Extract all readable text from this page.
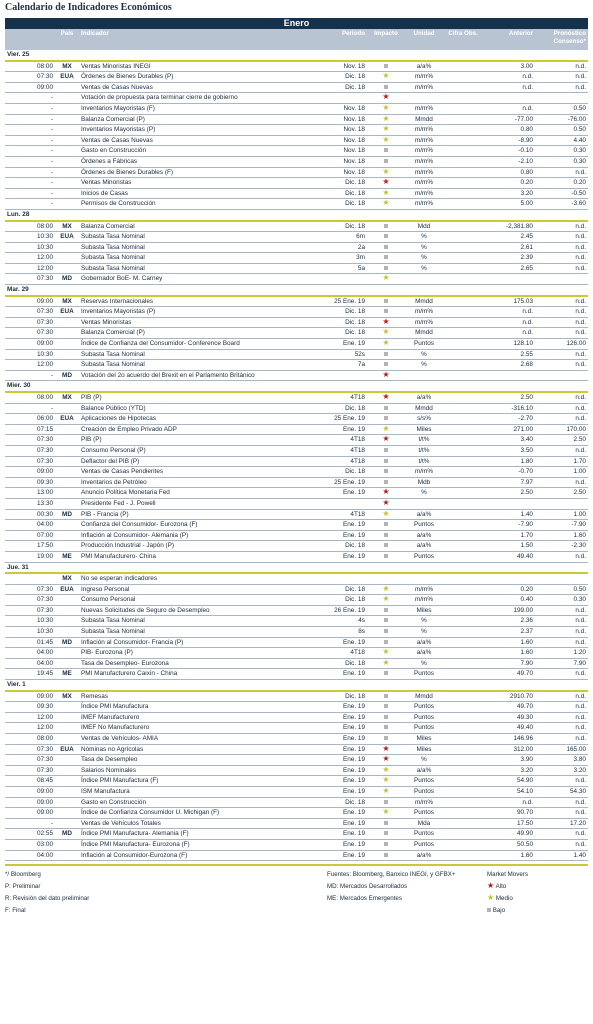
Calendario de Indicadores Económicos
Enero
	País	Indicador	Periodo	Impacto	Unidad	Cifra Obs.	Anterior	Pronóstico Consenso*
Vier. 25								
08:00	MX	Ventas Minoristas INEGI	Nov. 18		a/a%		3.00	n.d.
07:30	EUA	Órdenes de Bienes Durables (P)	Dic. 18	★	m/m%		n.d.	n.d.
09:00		Ventas de Casas Nuevas	Dic. 18		m/m%		n.d.	n.d.
-		Votación de propuesta para terminar cierre de gobierno		★				
-		Inventarios Mayoristas (F)	Nov. 18	★	m/m%		n.d.	0.50
-		Balanza Comercial (P)	Nov. 18	★	Mmdd		-77.00	-76.00
-		Inventarios Mayoristas (P)	Nov. 18	★	m/m%		0.80	0.50
-		Ventas de Casas Nuevas	Nov. 18	★	m/m%		-8.90	4.40
-		Gasto en Construcción	Nov. 18		m/m%		-0.10	0.30
-		Órdenes a Fábricas	Nov. 18		m/m%		-2.10	0.30
-		Órdenes de Bienes Durables (F)	Nov. 18	★	m/m%		0.80	n.d.
-		Ventas Minoristas	Dic. 18	★	m/m%		0.20	0.20
-		Inicios de Casas	Dic. 18	★	m/m%		3.20	-0.50
-		Permisos de Construcción	Dic. 18	★	m/m%		5.00	-3.60
Lun. 28								
08:00	MX	Balanza Comercial	Dic. 18		Mdd		-2,381.80	n.d.
10:30	EUA	Subasta Tasa Nominal	6m		%		2.45	n.d.
10:30		Subasta Tasa Nominal	2a		%		2.61	n.d.
12:00		Subasta Tasa Nominal	3m		%		2.39	n.d.
12:00		Subasta Tasa Nominal	5a		%		2.65	n.d.
07:30	MD	Gobernador BoE- M. Carney		★				
Mar. 29								
09:00	MX	Reservas Internacionales	25 Ene. 19		Mmdd		175.03	n.d.
07:30	EUA	Inventarios Mayoristas (P)	Dic. 18		m/m%		n.d.	n.d.
07:30		Ventas Minoristas	Dic. 18	★	m/m%		n.d.	n.d.
07:30		Balanza Comercial (P)	Dic. 18	★	Mmdd		n.d.	n.d.
09:00		Índice de Confianza del Consumidor- Conference Board	Ene. 19	★	Puntos		128.10	126.00
10:30		Subasta Tasa Nominal	52s		%		2.55	n.d.
12:00		Subasta Tasa Nominal	7a		%		2.68	n.d.
-	MD	Votación del 2o acuerdo del Brexit en el Parlamento Británico		★				
Mier. 30								
08:00	MX	PIB (P)	4T18	★	a/a%		2.50	n.d.
-		Balance Público (YTD)	Dic. 18		Mmdd		-316.10	n.d.
06:00	EUA	Aplicaciones de Hipotecas	25 Ene. 19		s/s%		-2.70	n.d.
07:15		Creación de Empleo Privado ADP	Ene. 19	★	Miles		271.00	170.00
07:30		PIB (P)	4T18	★	t/t%		3.40	2.50
07:30		Consumo Personal (P)	4T18		t/t%		3.50	n.d.
07:30		Deflactor del PIB (P)	4T18		t/t%		1.80	1.70
09:00		Ventas de Casas Pendientes	Dic. 18		m/m%		-0.70	1.00
09:30		Inventarios de Petróleo	25 Ene. 19		Mdb		7.97	n.d.
13:00		Anuncio Política Monetaria Fed	Ene. 19	★	%		2.50	2.50
13:30		Presidente Fed - J. Powell		★				
00:30	MD	PIB - Francia (P)	4T18	★	a/a%		1.40	1.00
04:00		Confianza del Consumidor- Eurozona (F)	Ene. 19		Puntos		-7.90	-7.90
07:00		Inflación al Consumidor- Alemania (P)	Ene. 19		a/a%		1.70	1.60
17:50		Producción Industrial - Japón (P)	Dic. 18		a/a%		1.50	-2.30
19:00	ME	PMI Manufacturero- China	Ene. 19		Puntos		49.40	n.d.
Jue. 31								
	MX	No se esperan indicadores						
07:30	EUA	Ingreso Personal	Dic. 18	★	m/m%		0.20	0.50
07:30		Consumo Personal	Dic. 18	★	m/m%		0.40	0.30
07:30		Nuevas Solicitudes de Seguro de Desempleo	26 Ene. 19		Miles		199.00	n.d.
10:30		Subasta Tasa Nominal	4s		%		2.36	n.d.
10:30		Subasta Tasa Nominal	8s		%		2.37	n.d.
01:45	MD	Inflación al Consumidor- Francia (P)	Ene. 19		a/a%		1.60	n.d.
04:00		PIB- Eurozona (P)	4T18	★	a/a%		1.60	1.20
04:00		Tasa de Desempleo- Eurozona	Dic. 18	★	%		7.90	7.90
19:45	ME	PMI Manufacturero Caixin - China	Ene. 19		Puntos		49.70	n.d.
Vier. 1								
09:00	MX	Remesas	Dic. 18		Mmdd		2910.70	n.d.
09:30		Índice PMI Manufactura	Ene. 19		Puntos		49.70	n.d.
12:00		IMEF Manufacturero	Ene. 19		Puntos		49.30	n.d.
12:00		IMEF No Manufacturero	Ene. 19		Puntos		49.40	n.d.
08:00		Ventas de Vehículos- AMIA	Ene. 19		Miles		146.96	n.d.
07:30	EUA	Nóminas no Agrícolas	Ene. 19	★	Miles		312.00	165.00
07:30		Tasa de Desempleo	Ene. 19	★	%		3.90	3.80
07:30		Salarios Nominales	Ene. 19	★	a/a%		3.20	3.20
08:45		Índice PMI Manufactura (F)	Ene. 19	★	Puntos		54.90	n.d.
09:00		ISM Manufactura	Ene. 19	★	Puntos		54.10	54.30
09:00		Gasto en Construcción	Dic. 18		m/m%		n.d.	n.d.
09:00		Índice de Confianza Consumidor U. Michigan (F)	Ene. 19	★	Puntos		90.70	n.d.
-		Ventas de Vehículos Totales	Ene. 19		Mda		17.50	17.20
02:55	MD	Índice PMI Manufactura- Alemania (F)	Ene. 19		Puntos		49.90	n.d.
03:00		Índice PMI Manufactura- Eurozona (F)	Ene. 19		Puntos		50.50	n.d.
04:00		Inflación al Consumidor-Eurozona (F)	Ene. 19		a/a%		1.60	1.40
*/ Bloomberg
P: Preliminar
R: Revisión del dato preliminar
F: Final
Fuentes: Bloomberg, Banxico INEGI, y GFBX+
MD: Mercados Desarrollados
ME: Mercados Emergentes
Market Movers
★ Alto
★ Medio
Bajo
